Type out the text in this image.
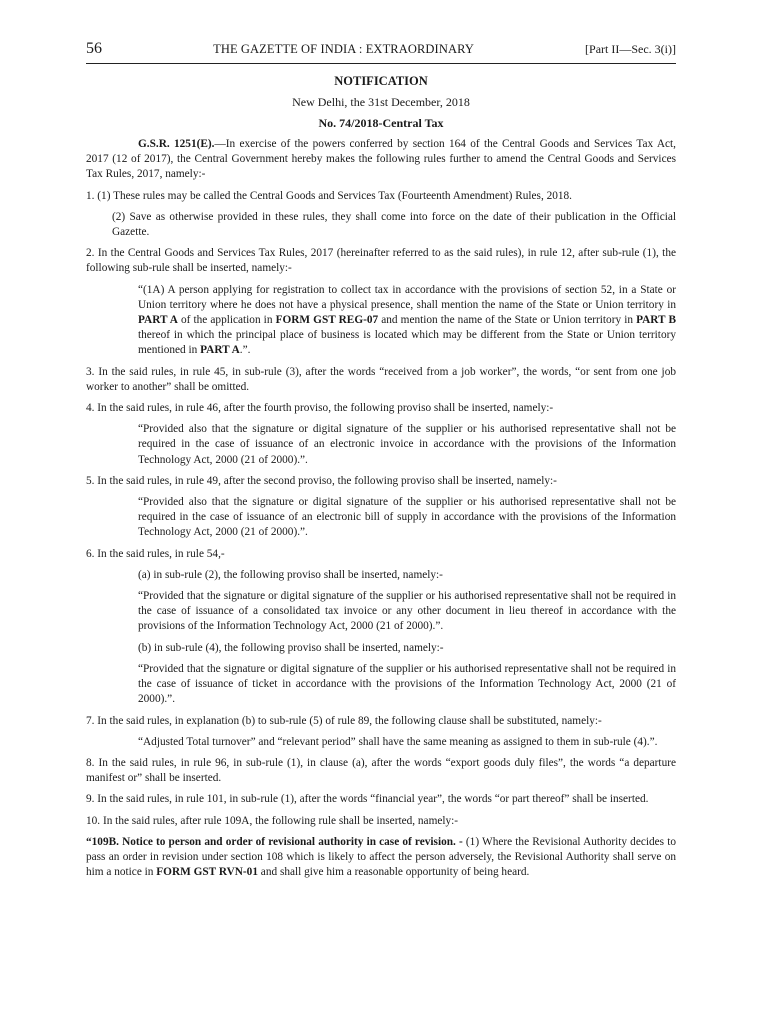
56	THE GAZETTE OF INDIA : EXTRAORDINARY	[Part II—Sec. 3(i)]
NOTIFICATION
New Delhi, the 31st December, 2018
No. 74/2018-Central Tax

G.S.R. 1251(E).—In exercise of the powers conferred by section 164 of the Central Goods and Services Tax Act, 2017 (12 of 2017), the Central Government hereby makes the following rules further to amend the Central Goods and Services Tax Rules, 2017, namely:-

1. (1) These rules may be called the Central Goods and Services Tax (Fourteenth Amendment) Rules, 2018.

(2) Save as otherwise provided in these rules, they shall come into force on the date of their publication in the Official Gazette.

2. In the Central Goods and Services Tax Rules, 2017 (hereinafter referred to as the said rules), in rule 12, after sub-rule (1), the following sub-rule shall be inserted, namely:-

“(1A) A person applying for registration to collect tax in accordance with the provisions of section 52, in a State or Union territory where he does not have a physical presence, shall mention the name of the State or Union territory in PART A of the application in FORM GST REG-07 and mention the name of the State or Union territory in PART B thereof in which the principal place of business is located which may be different from the State or Union territory mentioned in PART A.”.

3. In the said rules, in rule 45, in sub-rule (3), after the words “received from a job worker”, the words, “or sent from one job worker to another” shall be omitted.

4. In the said rules, in rule 46, after the fourth proviso, the following proviso shall be inserted, namely:-

“Provided also that the signature or digital signature of the supplier or his authorised representative shall not be required in the case of issuance of an electronic invoice in accordance with the provisions of the Information Technology Act, 2000 (21 of 2000).”.

5. In the said rules, in rule 49, after the second proviso, the following proviso shall be inserted, namely:-

“Provided also that the signature or digital signature of the supplier or his authorised representative shall not be required in the case of issuance of an electronic bill of supply in accordance with the provisions of the Information Technology Act, 2000 (21 of 2000).”.

6. In the said rules, in rule 54,-

(a) in sub-rule (2), the following proviso shall be inserted, namely:-

“Provided that the signature or digital signature of the supplier or his authorised representative shall not be required in the case of issuance of a consolidated tax invoice or any other document in lieu thereof in accordance with the provisions of the Information Technology Act, 2000 (21 of 2000).”.

(b) in sub-rule (4), the following proviso shall be inserted, namely:-

“Provided that the signature or digital signature of the supplier or his authorised representative shall not be required in the case of issuance of ticket in accordance with the provisions of the Information Technology Act, 2000 (21 of 2000).”.

7. In the said rules, in explanation (b) to sub-rule (5) of rule 89, the following clause shall be substituted, namely:-

“Adjusted Total turnover” and “relevant period” shall have the same meaning as assigned to them in sub-rule (4).”.

8. In the said rules, in rule 96, in sub-rule (1), in clause (a), after the words “export goods duly files”, the words “a departure manifest or” shall be inserted.

9. In the said rules, in rule 101, in sub-rule (1), after the words “financial year”, the words “or part thereof” shall be inserted.

10. In the said rules, after rule 109A, the following rule shall be inserted, namely:-

“109B. Notice to person and order of revisional authority in case of revision. - (1) Where the Revisional Authority decides to pass an order in revision under section 108 which is likely to affect the person adversely, the Revisional Authority shall serve on him a notice in FORM GST RVN-01 and shall give him a reasonable opportunity of being heard.
